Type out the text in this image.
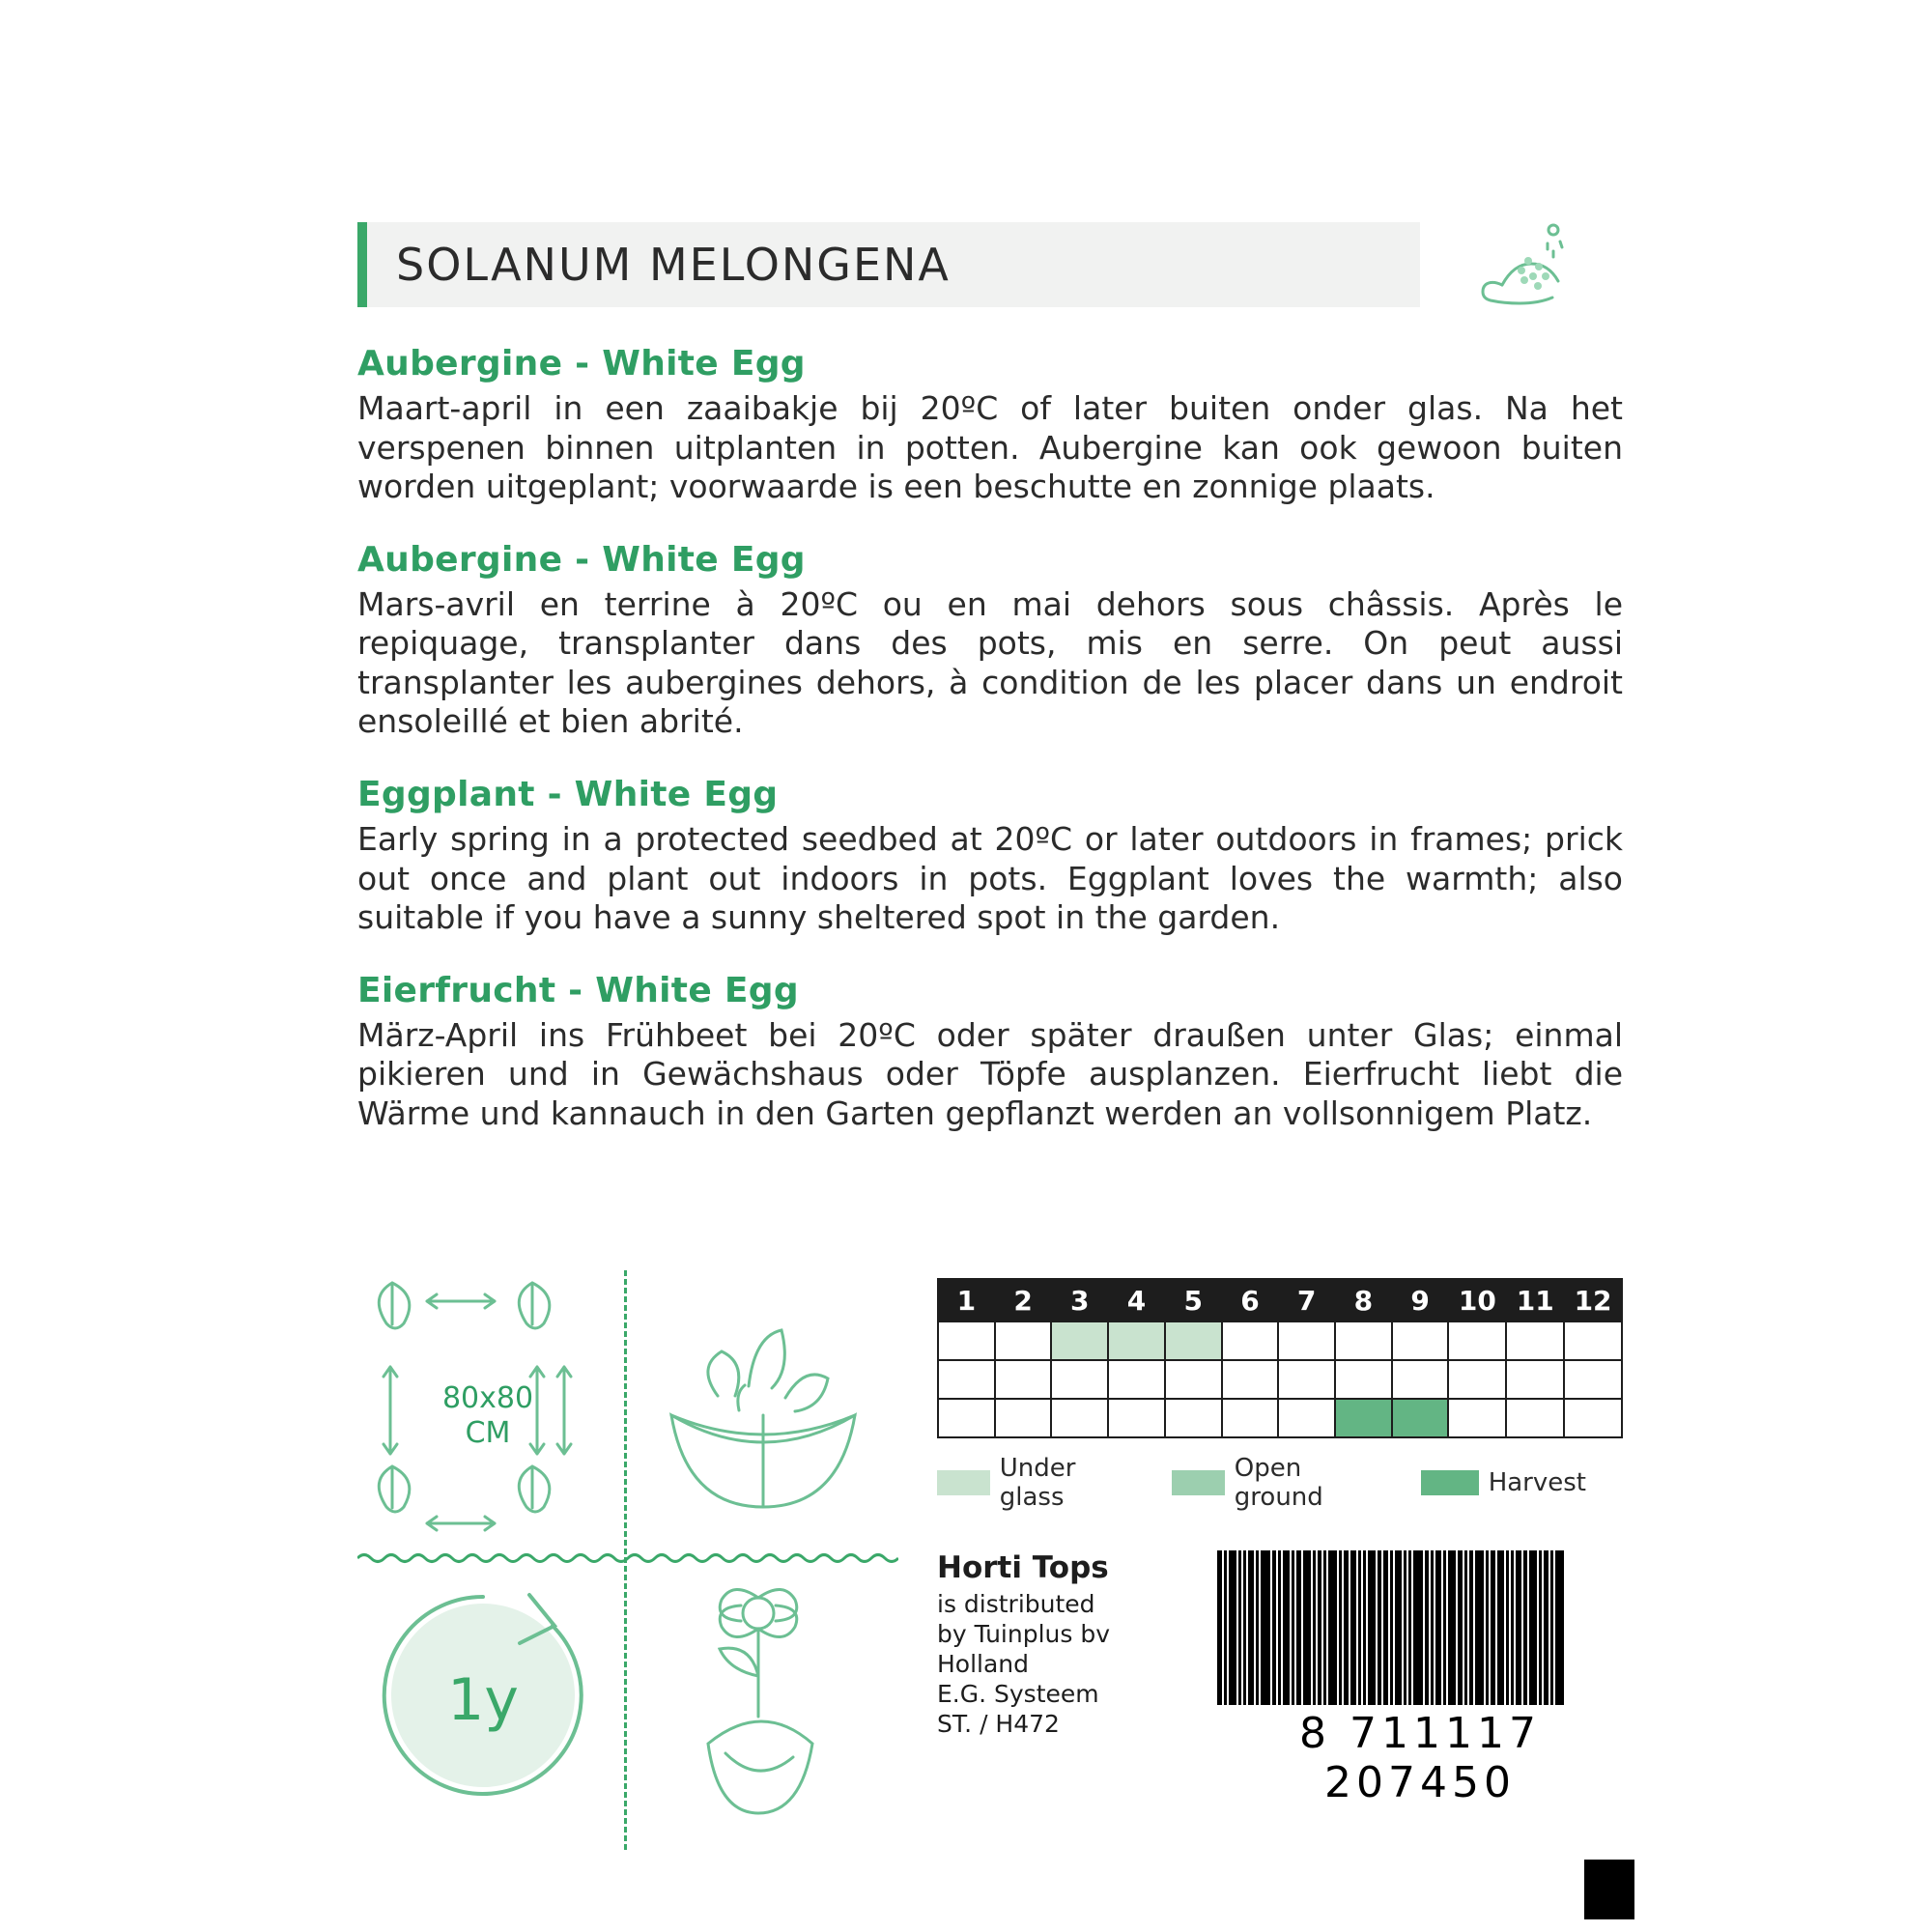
SOLANUM MELONGENA
Aubergine - White Egg

Maart-april in een zaaibakje bij 20ºC of later buiten onder glas. Na het verspenen binnen uitplanten in potten. Aubergine kan ook gewoon buiten worden uitgeplant; voorwaarde is een beschutte en zonnige plaats.

Aubergine - White Egg

Mars-avril en terrine à 20ºC ou en mai dehors sous châssis. Après le repiquage, transplanter dans des pots, mis en serre. On peut aussi transplanter les aubergines dehors, à condition de les placer dans un endroit ensoleillé et bien abrité.

Eggplant - White Egg

Early spring in a protected seedbed at 20ºC or later outdoors in frames; prick out once and plant out indoors in pots. Eggplant loves the warmth; also suitable if you have a sunny sheltered spot in the garden.

Eierfrucht - White Egg

März-April ins Frühbeet bei 20ºC oder später draußen unter Glas; einmal pikieren und in Gewächshaus oder Töpfe ausplanzen. Eierfrucht liebt die Wärme und kannauch in den Garten gepflanzt werden an vollsonnigem Platz.

80x80
CM
1y
1	2	3	4	5	6	7	8	9	10	11	12

Under glass
Open ground	Harvest
Horti Tops
is distributed
by Tuinplus bv
Holland
E.G. Systeem
ST. / H472	8 711117 207450
